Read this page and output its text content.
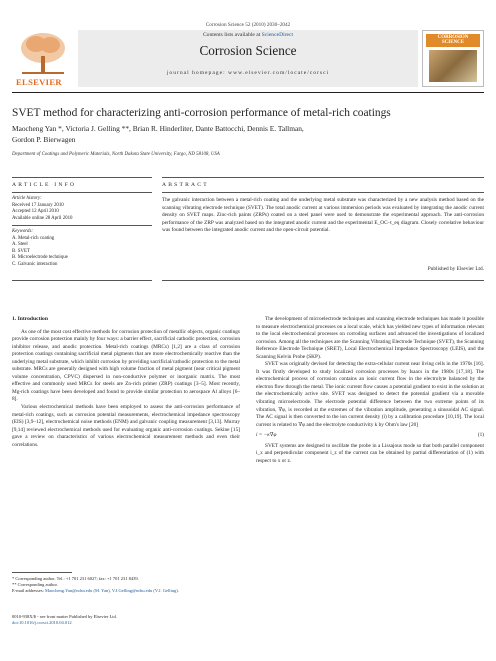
Corrosion Science 52 (2010) 2030–2042
ELSEVIER
Contents lists available at ScienceDirect
Corrosion Science
journal homepage: www.elsevier.com/locate/corsci
CORROSION SCIENCE
SVET method for characterizing anti-corrosion performance of metal-rich coatings
Maocheng Yan *, Victoria J. Gelling **, Brian R. Hinderliter, Dante Battocchi, Dennis E. Tallman,
Gordon P. Bierwagen
Department of Coatings and Polymeric Materials, North Dakota State University, Fargo, ND 58108, USA
ARTICLE INFO	ABSTRACT
Article history:
Received 17 January 2010
Accepted 12 April 2010
Available online 28 April 2010
Keywords:
A. Metal-rich coating
A. Steel
B. SVET
B. Microelectrode technique
C. Galvanic interaction
The galvanic interaction between a metal-rich coating and the underlying metal substrate was characterized by a new analysis method based on the scanning vibrating electrode technique (SVET). The total anodic current at various immersion periods was evaluated by integrating the anodic current density on SVET maps. Zinc-rich paints (ZRPs) coated on a steel panel were used to demonstrate the experimental approach. The anti-corrosion performance of the ZRP was analyzed based on the integrated anodic current and the experimental E_OC–t_eq diagram. Closely correlative behaviour was found between the integrated anodic current and the open-circuit potential.
Published by Elsevier Ltd.
1. Introduction

As one of the most cost effective methods for corrosion protection of metallic objects, organic coatings provide corrosion protection mainly by four ways: a barrier effect, sacrificial cathodic protection, corrosion inhibitor release, and anodic protection. Metal-rich coatings (MRCs) [1,2] are a class of corrosion protection coatings containing sacrificial metal pigments that are more electrochemically reactive than the underlying metal substrate, which inhibit corrosion by providing sacrificial/cathodic protection to the metal substrate. MRCs are generally designed with high volume fraction of metal pigment (near critical pigment volume concentration, CPVC) dispersed in non-conductive polymer or inorganic matrix. The most effective and commonly used MRCs for steels are Zn-rich primer (ZRP) coatings [3–5]. Most recently, Mg-rich coatings have been developed and found to provide similar protection to aerospace Al alloys [6–8].

Various electrochemical methods have been employed to assess the anti-corrosion performance of metal-rich coatings, such as corrosion potential measurements, electrochemical impedance spectroscopy (EIS) [3,9–12], electrochemical noise methods (ENM) and galvanic coupling measurement [3,13]. Murray [9,14] reviewed electrochemical methods used for evaluating organic anti-corrosion coatings. Sekine [15] gave a review on characteristics of various electrochemical measurement methods and even their correlations.

The development of microelectrode techniques and scanning electrode techniques has made it possible to measure electrochemical processes on a local scale, which has yielded new types of information relevant to the local electrochemical processes on corroding surfaces and advanced the investigations of localized corrosion. Among all the techniques are the Scanning Vibrating Electrode Technique (SVET), the Scanning Reference Electrode Technique (SRET), Local Electrochemical Impedance Spectroscopy (LEIS), and the Scanning Kelvin Probe (SKP).

SVET was originally devised for detecting the extra-cellular current near living cells in the 1970s [16]. It was firstly developed to study localized corrosion processes by Isaacs in the 1980s [17,18]. The electrochemical process of corrosion contains an ionic current flow in the electrolyte balanced by the electron flow through the metal. The ionic current flow causes a potential gradient to exist in the solution at the electrochemically active site. SVET was designed to detect the potential gradient via a movable vibrating microelectrode. The electrode potential difference between the two extreme points of its vibration, ∇φ, is recorded at the extremes of the vibration amplitude, generating a sinusoidal AC signal. The AC signal is then converted to the ion current density (i) by a calibration procedure [10,19]. The local current is related to ∇φ and the electrolyte conductivity k by Ohm's law [20]

i = −κ∇φ	(1)

SVET systems are designed to oscillate the probe in a Lissajous mode so that both parallel component i_x and perpendicular component i_z of the current can be obtained by partial differentiation of (1) with respect to x or z.

* Corresponding author. Tel.: +1 701 231 6027; fax: +1 701 231 8439.
** Corresponding author.
E-mail addresses: Maocheng.Yan@ndsu.edu (M. Yan), V.J.Gelling@ndsu.edu (V.J. Gelling).
0010-938X/$ - see front matter Published by Elsevier Ltd.
doi:10.1016/j.corsci.2010.04.012
